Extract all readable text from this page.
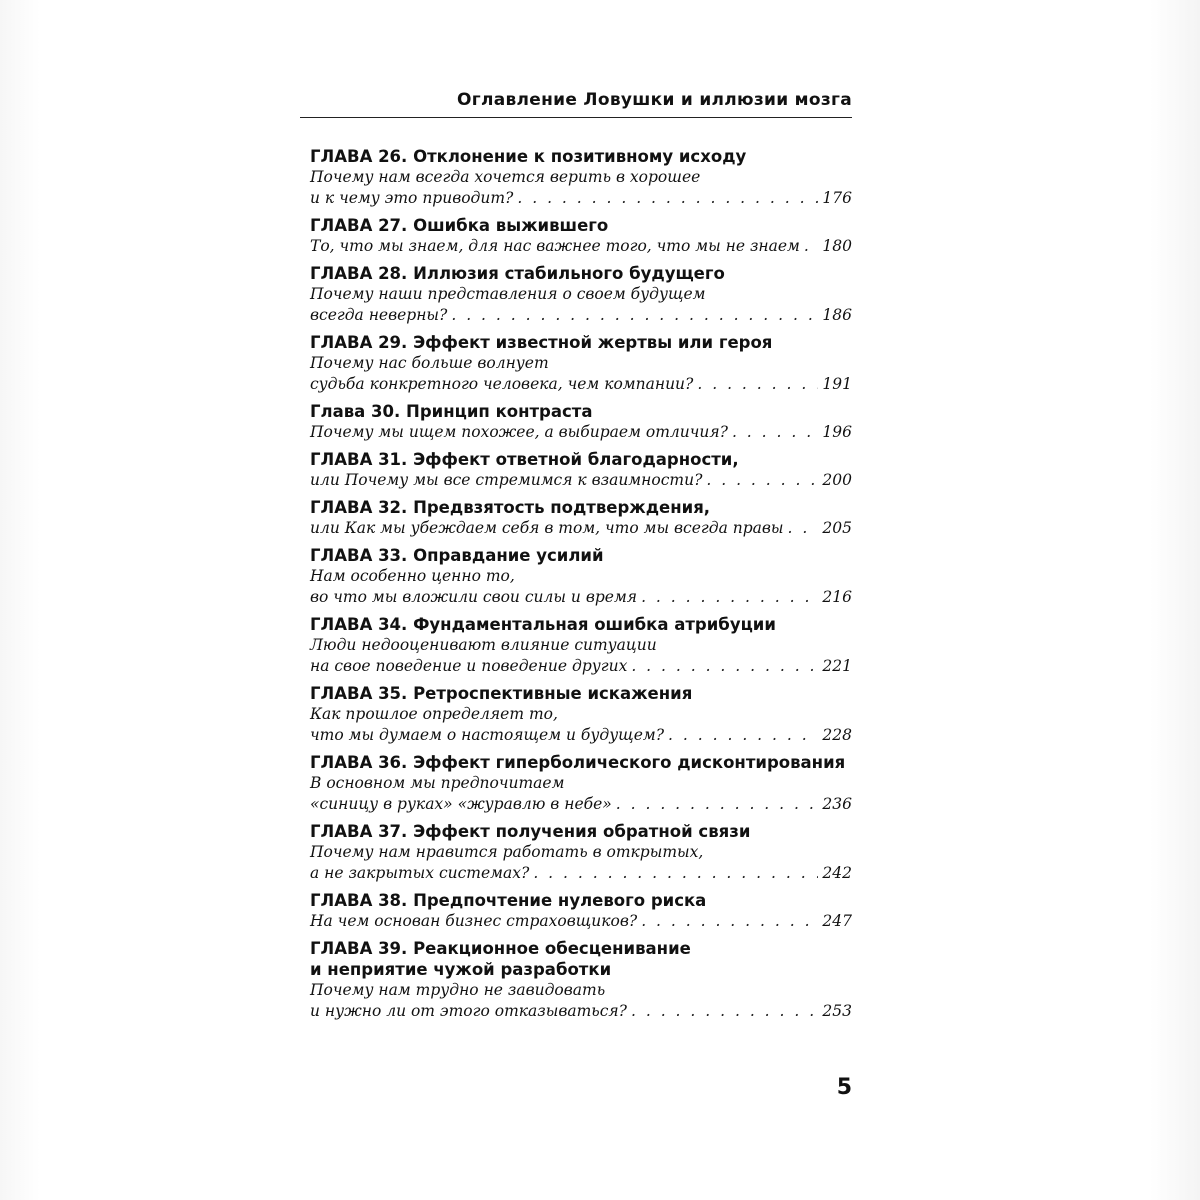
Оглавление Ловушки и иллюзии мозга
ГЛАВА 26. Отклонение к позитивному исходу
Почему нам всегда хочется верить в хорошее
и к чему это приводит? . . .	176
ГЛАВА 27. Ошибка выжившего
То, что мы знаем, для нас важнее того, что мы не знаем . . . 180
ГЛАВА 28. Иллюзия стабильного будущего
Почему наши представления о своем будущем
всегда неверны? . . .	186
ГЛАВА 29. Эффект известной жертвы или героя
Почему нас больше волнует
судьба конкретного человека, чем компании? . . .	191
Глава 30. Принцип контраста
Почему мы ищем похожее, а выбираем отличия? . . .	196
ГЛАВА 31. Эффект ответной благодарности,
или Почему мы все стремимся к взаимности? . . .	200
ГЛАВА 32. Предвзятость подтверждения,
или Как мы убеждаем себя в том, что мы всегда правы . . .	205
ГЛАВА 33. Оправдание усилий
Нам особенно ценно то,
во что мы вложили свои силы и время . . .	216
ГЛАВА 34. Фундаментальная ошибка атрибуции
Люди недооценивают влияние ситуации
на свое поведение и поведение других . . .	221
ГЛАВА 35. Ретроспективные искажения
Как прошлое определяет то,
что мы думаем о настоящем и будущем? . . .	228
ГЛАВА 36. Эффект гиперболического дисконтирования
В основном мы предпочитаем
«синицу в руках» «журавлю в небе» . . .	236
ГЛАВА 37. Эффект получения обратной связи
Почему нам нравится работать в открытых,
а не закрытых системах? . . .	242
ГЛАВА 38. Предпочтение нулевого риска
На чем основан бизнес страховщиков? . . .	247
ГЛАВА 39. Реакционное обесценивание
и неприятие чужой разработки
Почему нам трудно не завидовать
и нужно ли от этого отказываться? . . .	253
5
